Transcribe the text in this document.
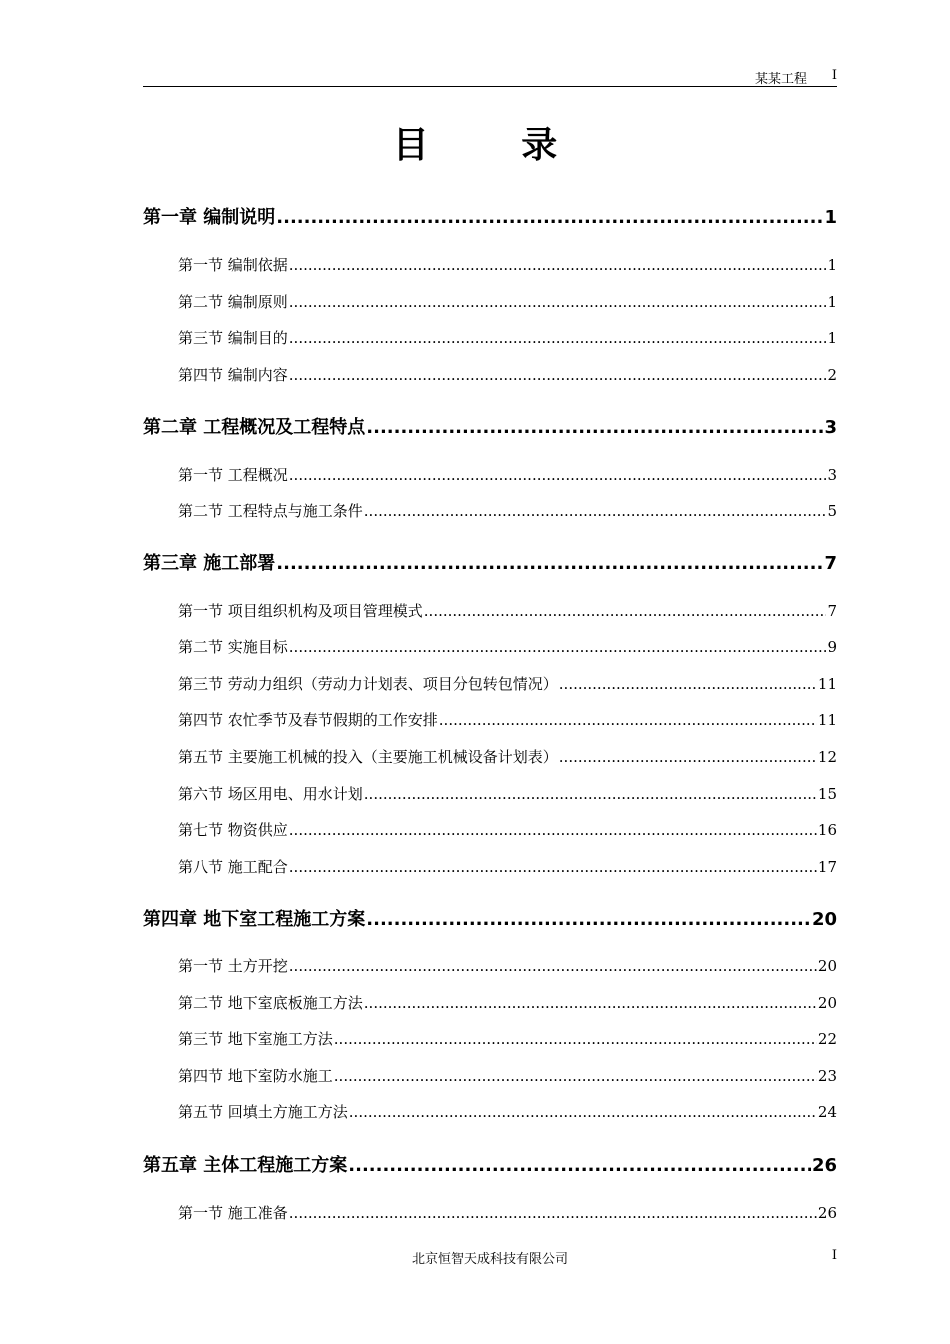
某某工程 I
目 录
第一章 编制说明 .....	1
第一节 编制依据 .....	1
第二节 编制原则 .....	1
第三节 编制目的 .....	1
第四节 编制内容 .....	2
第二章 工程概况及工程特点 .....	3
第一节 工程概况 .....	3
第二节 工程特点与施工条件 .....	5
第三章 施工部署 .....	7
第一节 项目组织机构及项目管理模式 .....	7
第二节 实施目标 .....	9
第三节 劳动力组织（劳动力计划表、项目分包转包情况） .....	11
第四节 农忙季节及春节假期的工作安排 .....	11
第五节 主要施工机械的投入（主要施工机械设备计划表） .....	12
第六节 场区用电、用水计划 .....	15
第七节 物资供应 .....	16
第八节 施工配合 .....	17
第四章 地下室工程施工方案 .....	20
第一节 土方开挖 .....	20
第二节 地下室底板施工方法 .....	20
第三节 地下室施工方法 .....	22
第四节 地下室防水施工 .....	23
第五节 回填土方施工方法 .....	24
第五章 主体工程施工方案 .....	26
第一节 施工准备 .....	26
北京恒智天成科技有限公司	I
